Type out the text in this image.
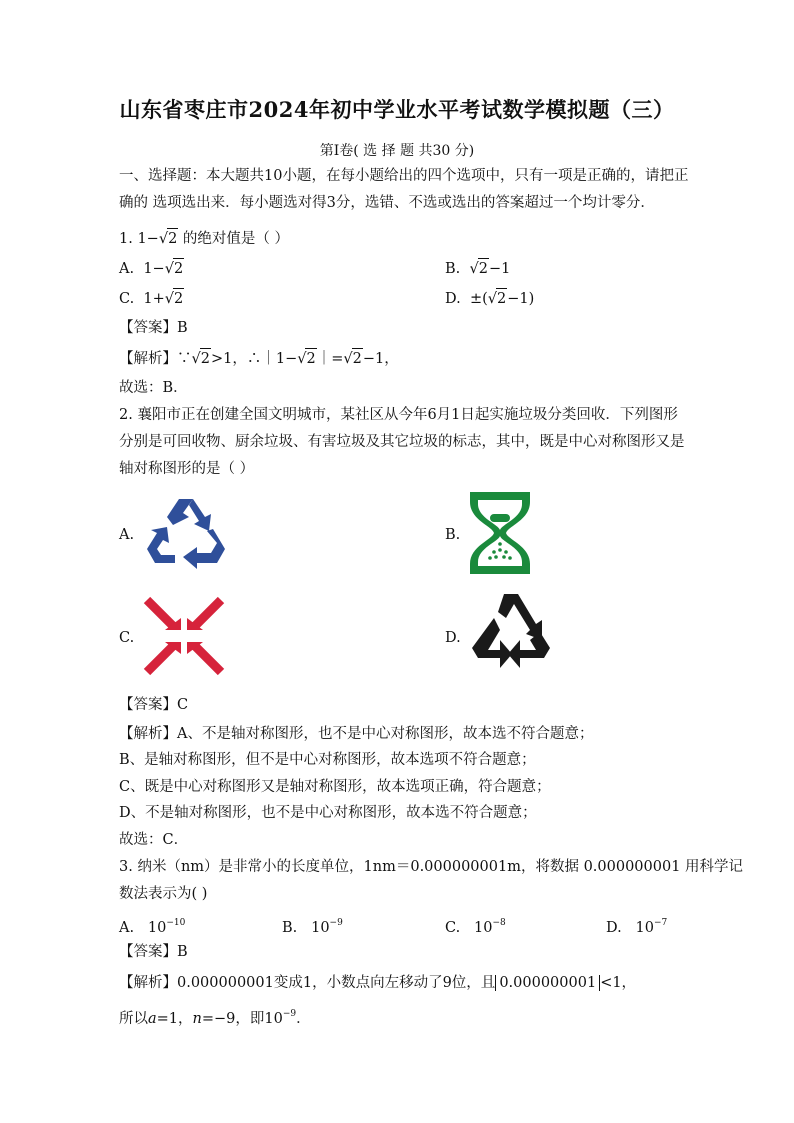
山东省枣庄市2024年初中学业水平考试数学模拟题（三）
第I卷( 选 择 题 共30 分)
一、选择题：本大题共10小题，在每小题给出的四个选项中，只有一项是正确的，请把正
确的 选项选出来．每小题选对得3分，选错、不选或选出的答案超过一个均计零分．
1. 1−√2 的绝对值是（ ）
A. 1−√2	B. √2−1
C. 1+√2	D. ±(√2−1)
【答案】B
【解析】∵√2>1，∴｜1−√2｜=√2−1，
故选：B．
2. 襄阳市正在创建全国文明城市，某社区从今年6月1日起实施垃圾分类回收．下列图形
分别是可回收物、厨余垃圾、有害垃圾及其它垃圾的标志，其中，既是中心对称图形又是
轴对称图形的是（ ）
A.	B.
C.	D.
【答案】C
【解析】A、不是轴对称图形，也不是中心对称图形，故本选不符合题意；
B、是轴对称图形，但不是中心对称图形，故本选项不符合题意；
C、既是中心对称图形又是轴对称图形，故本选项正确，符合题意；
D、不是轴对称图形，也不是中心对称图形，故本选不符合题意；
故选：C．
3. 纳米（nm）是非常小的长度单位，1nm＝0.000000001m，将数据 0.000000001 用科学记
数法表示为( )
A. $10^{-10}$	B. $10^{-9}$	C. $10^{-8}$	D. $10^{-7}$
【答案】B
【解析】0.000000001变成1，小数点向左移动了9位，且 0.000000001 <1，
所以a=1，n=−9，即$10^{-9}$．
